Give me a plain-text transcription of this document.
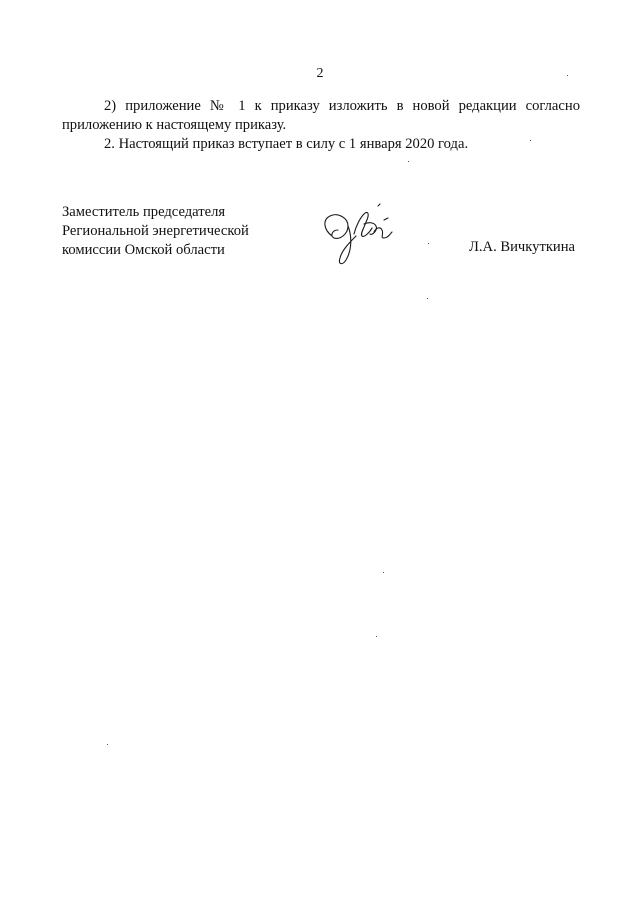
2
2) приложение № 1 к приказу изложить в новой редакции согласно
приложению к настоящему приказу.
2. Настоящий приказ вступает в силу с 1 января 2020 года.
Заместитель председателя
Региональной энергетической
комиссии Омской области	Л.А. Вичкуткина
